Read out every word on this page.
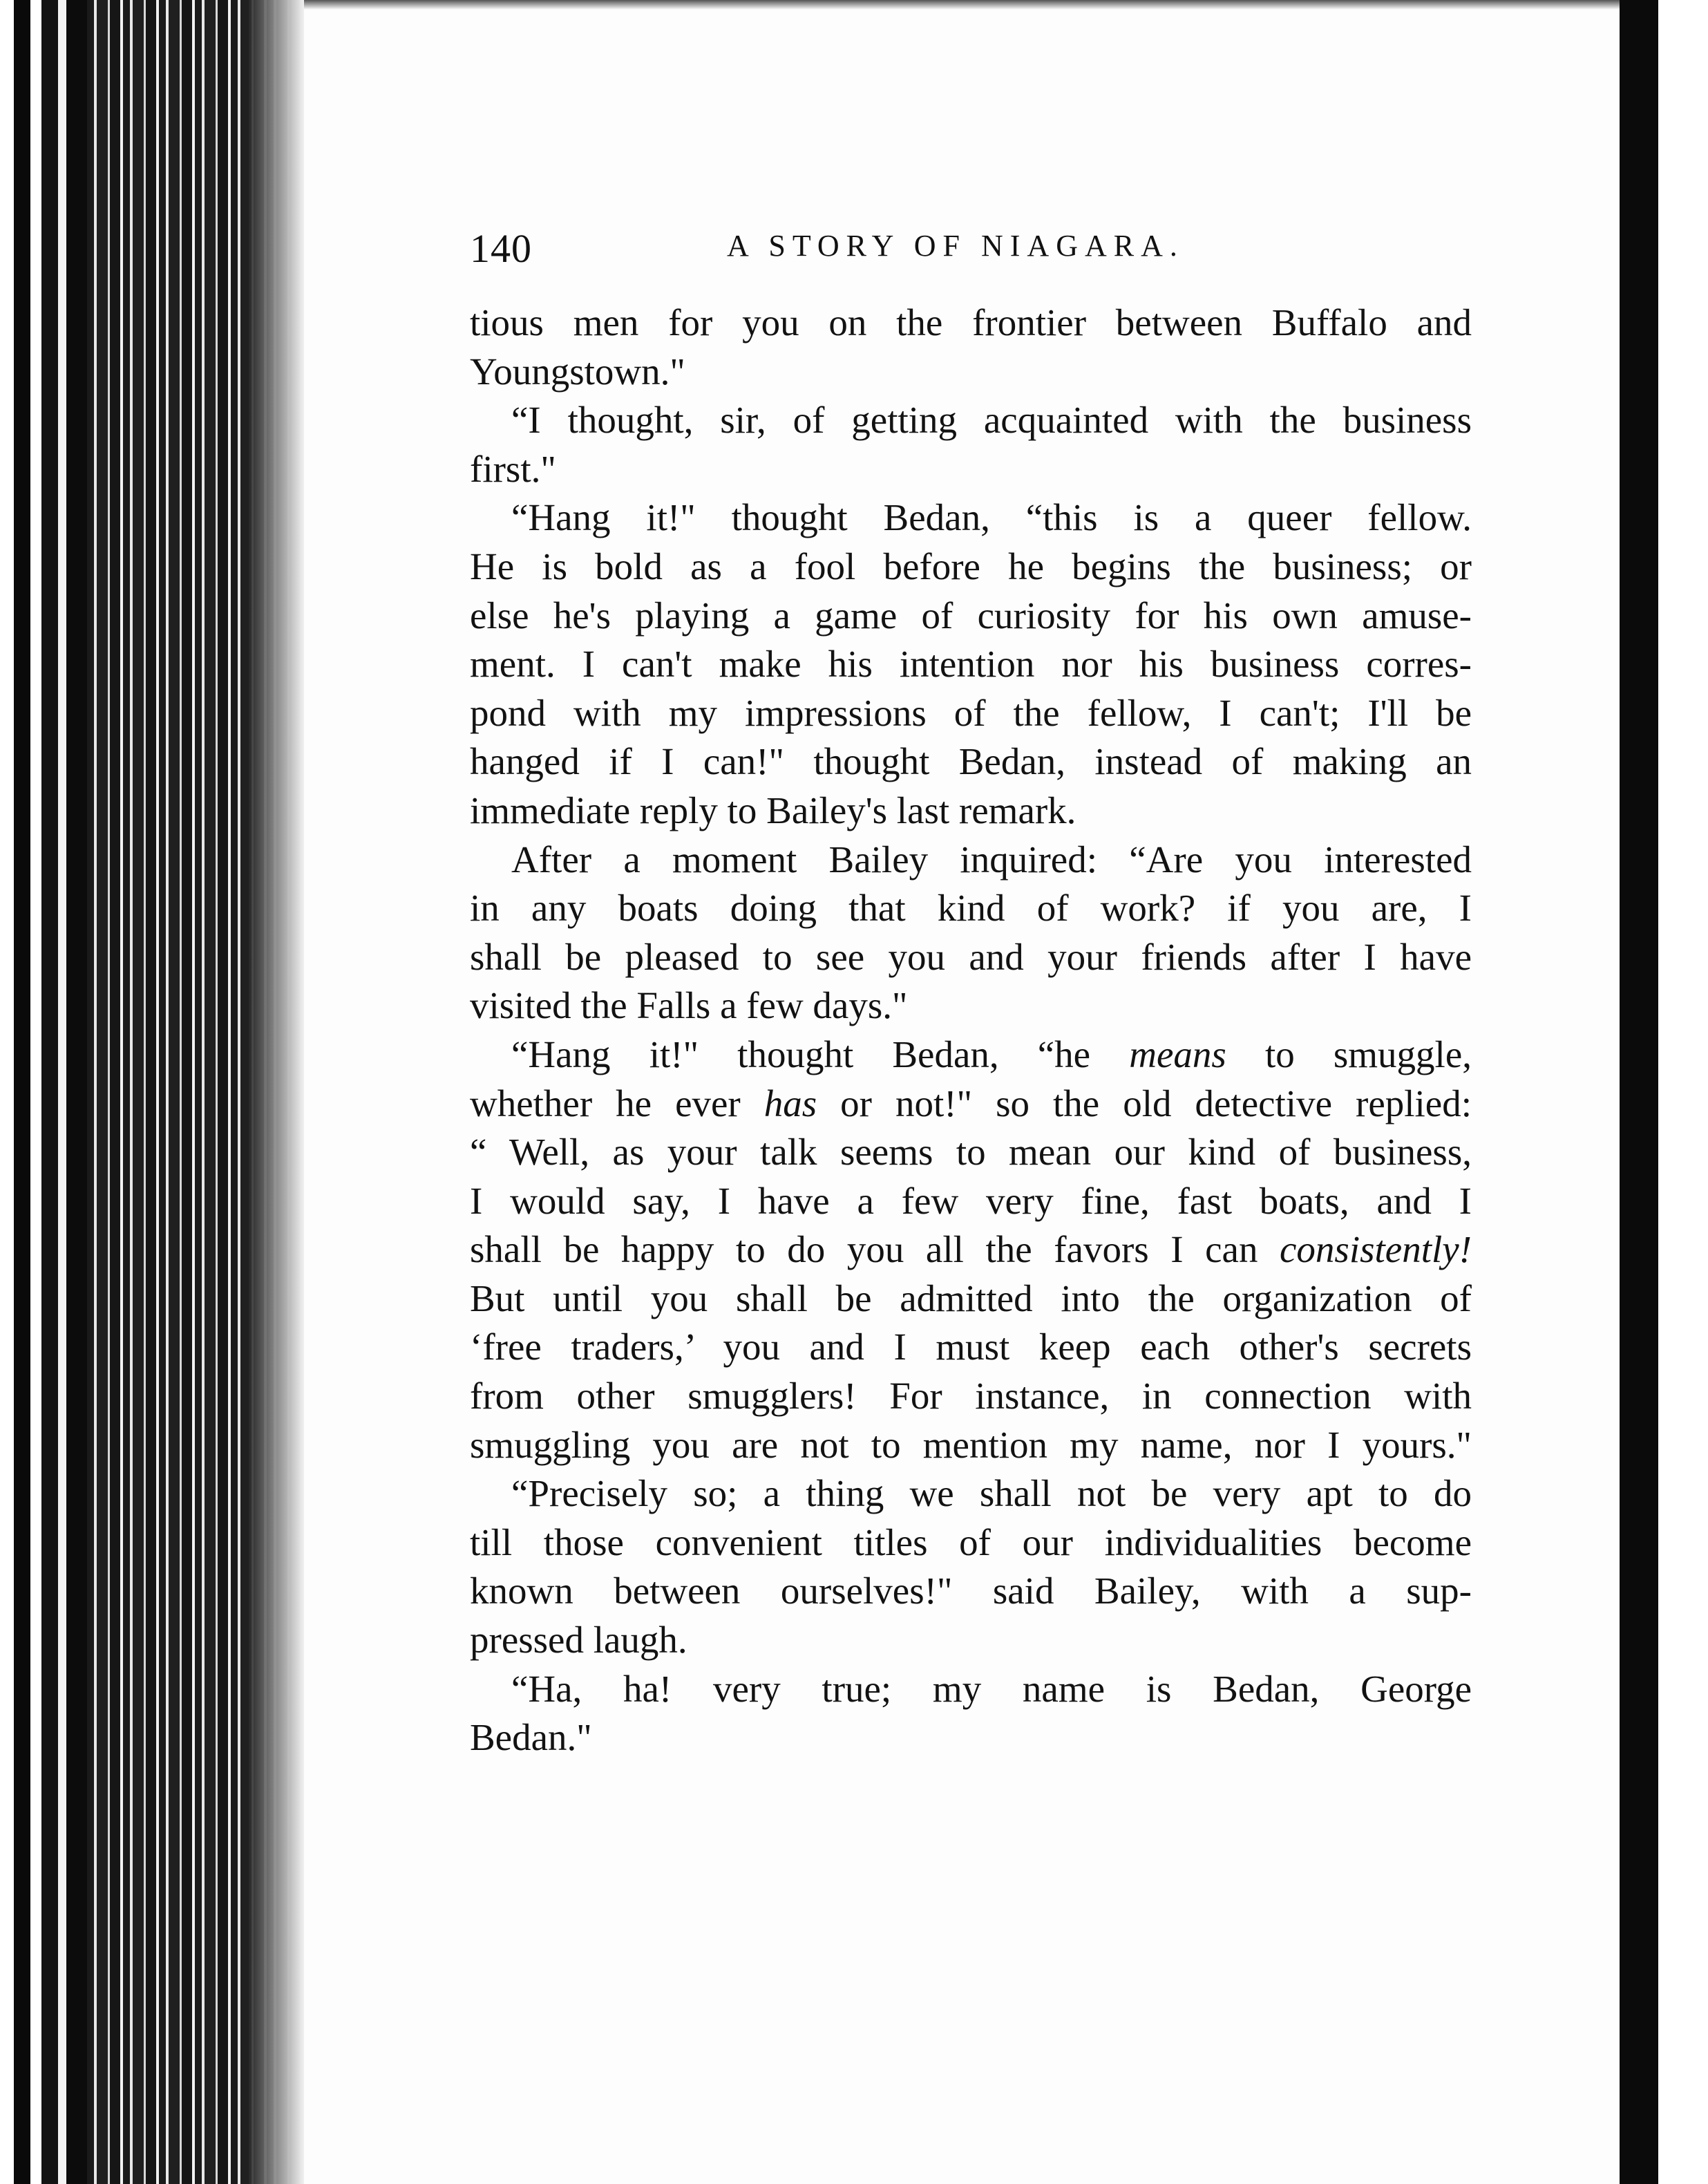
140	A STORY OF NIAGARA.
tious men for you on the frontier between Buffalo and
Youngstown."
“I thought, sir, of getting acquainted with the business
first."
“Hang it!" thought Bedan, “this is a queer fellow.
He is bold as a fool before he begins the business; or
else he's playing a game of curiosity for his own amuse-
ment. I can't make his intention nor his business corres-
pond with my impressions of the fellow, I can't; I'll be
hanged if I can!" thought Bedan, instead of making an
immediate reply to Bailey's last remark.
After a moment Bailey inquired: “Are you interested
in any boats doing that kind of work? if you are, I
shall be pleased to see you and your friends after I have
visited the Falls a few days."
“Hang it!" thought Bedan, “he means to smuggle,
whether he ever has or not!" so the old detective replied:
“ Well, as your talk seems to mean our kind of business,
I would say, I have a few very fine, fast boats, and I
shall be happy to do you all the favors I can consistently!
But until you shall be admitted into the organization of
‘free traders,’ you and I must keep each other's secrets
from other smugglers! For instance, in connection with
smuggling you are not to mention my name, nor I yours."
“Precisely so; a thing we shall not be very apt to do
till those convenient titles of our individualities become
known between ourselves!" said Bailey, with a sup-
pressed laugh.
“Ha, ha! very true; my name is Bedan, George
Bedan."
